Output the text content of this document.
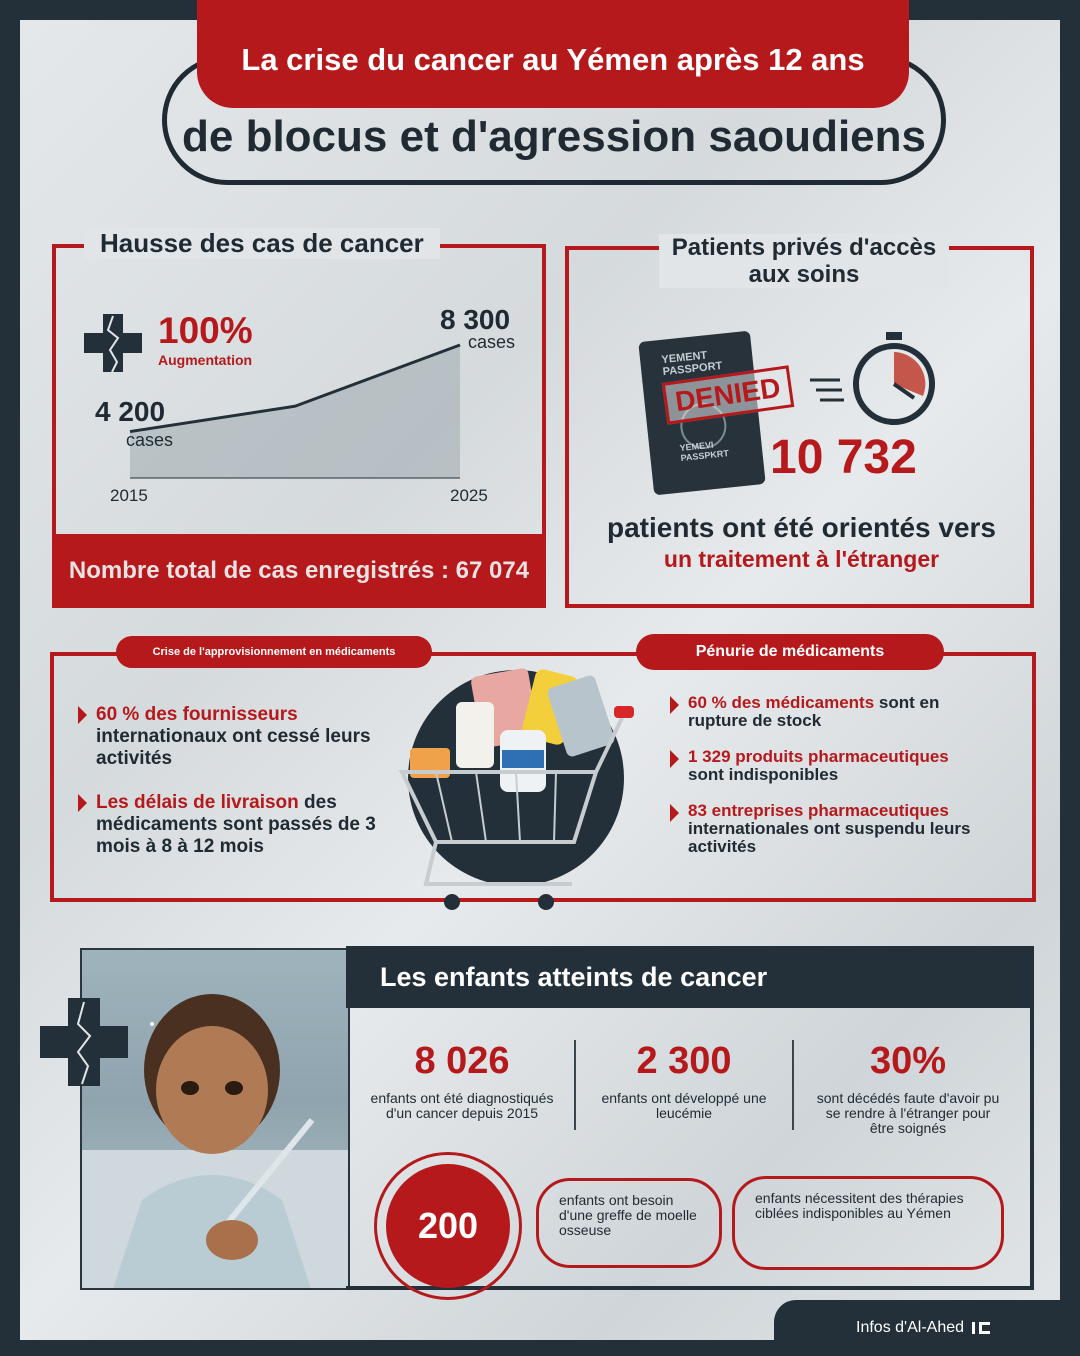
La crise du cancer au Yémen après 12 ans
de blocus et d'agression saoudiens
Hausse des cas de cancer
Nombre total de cas enregistrés : 67 074
100%
Augmentation
4 200
cases
8 300
cases
2015	2025
Patients privés d'accès aux soins
YEMENT PASSPORT
YEMEVI PASSPKRT
DENIED
10 732
patients ont été orientés vers
un traitement à l'étranger
Crise de l'approvisionnement en médicaments	Pénurie de médicaments
60 % des fournisseurs internationaux ont cessé leurs activités
Les délais de livraison des médicaments sont passés de 3 mois à 8 à 12 mois
60 % des médicaments sont en rupture de stock
1 329 produits pharmaceutiques sont indisponibles
83 entreprises pharmaceutiques internationales ont suspendu leurs activités
Les enfants atteints de cancer
8 026
enfants ont été diagnostiqués d'un cancer depuis 2015
2 300
enfants ont développé une leucémie
30%
sont décédés faute d'avoir pu se rendre à l'étranger pour être soignés
200
enfants ont besoin d'une greffe de moelle osseuse
enfants nécessitent des thérapies ciblées indisponibles au Yémen
Infos d'Al-Ahed
